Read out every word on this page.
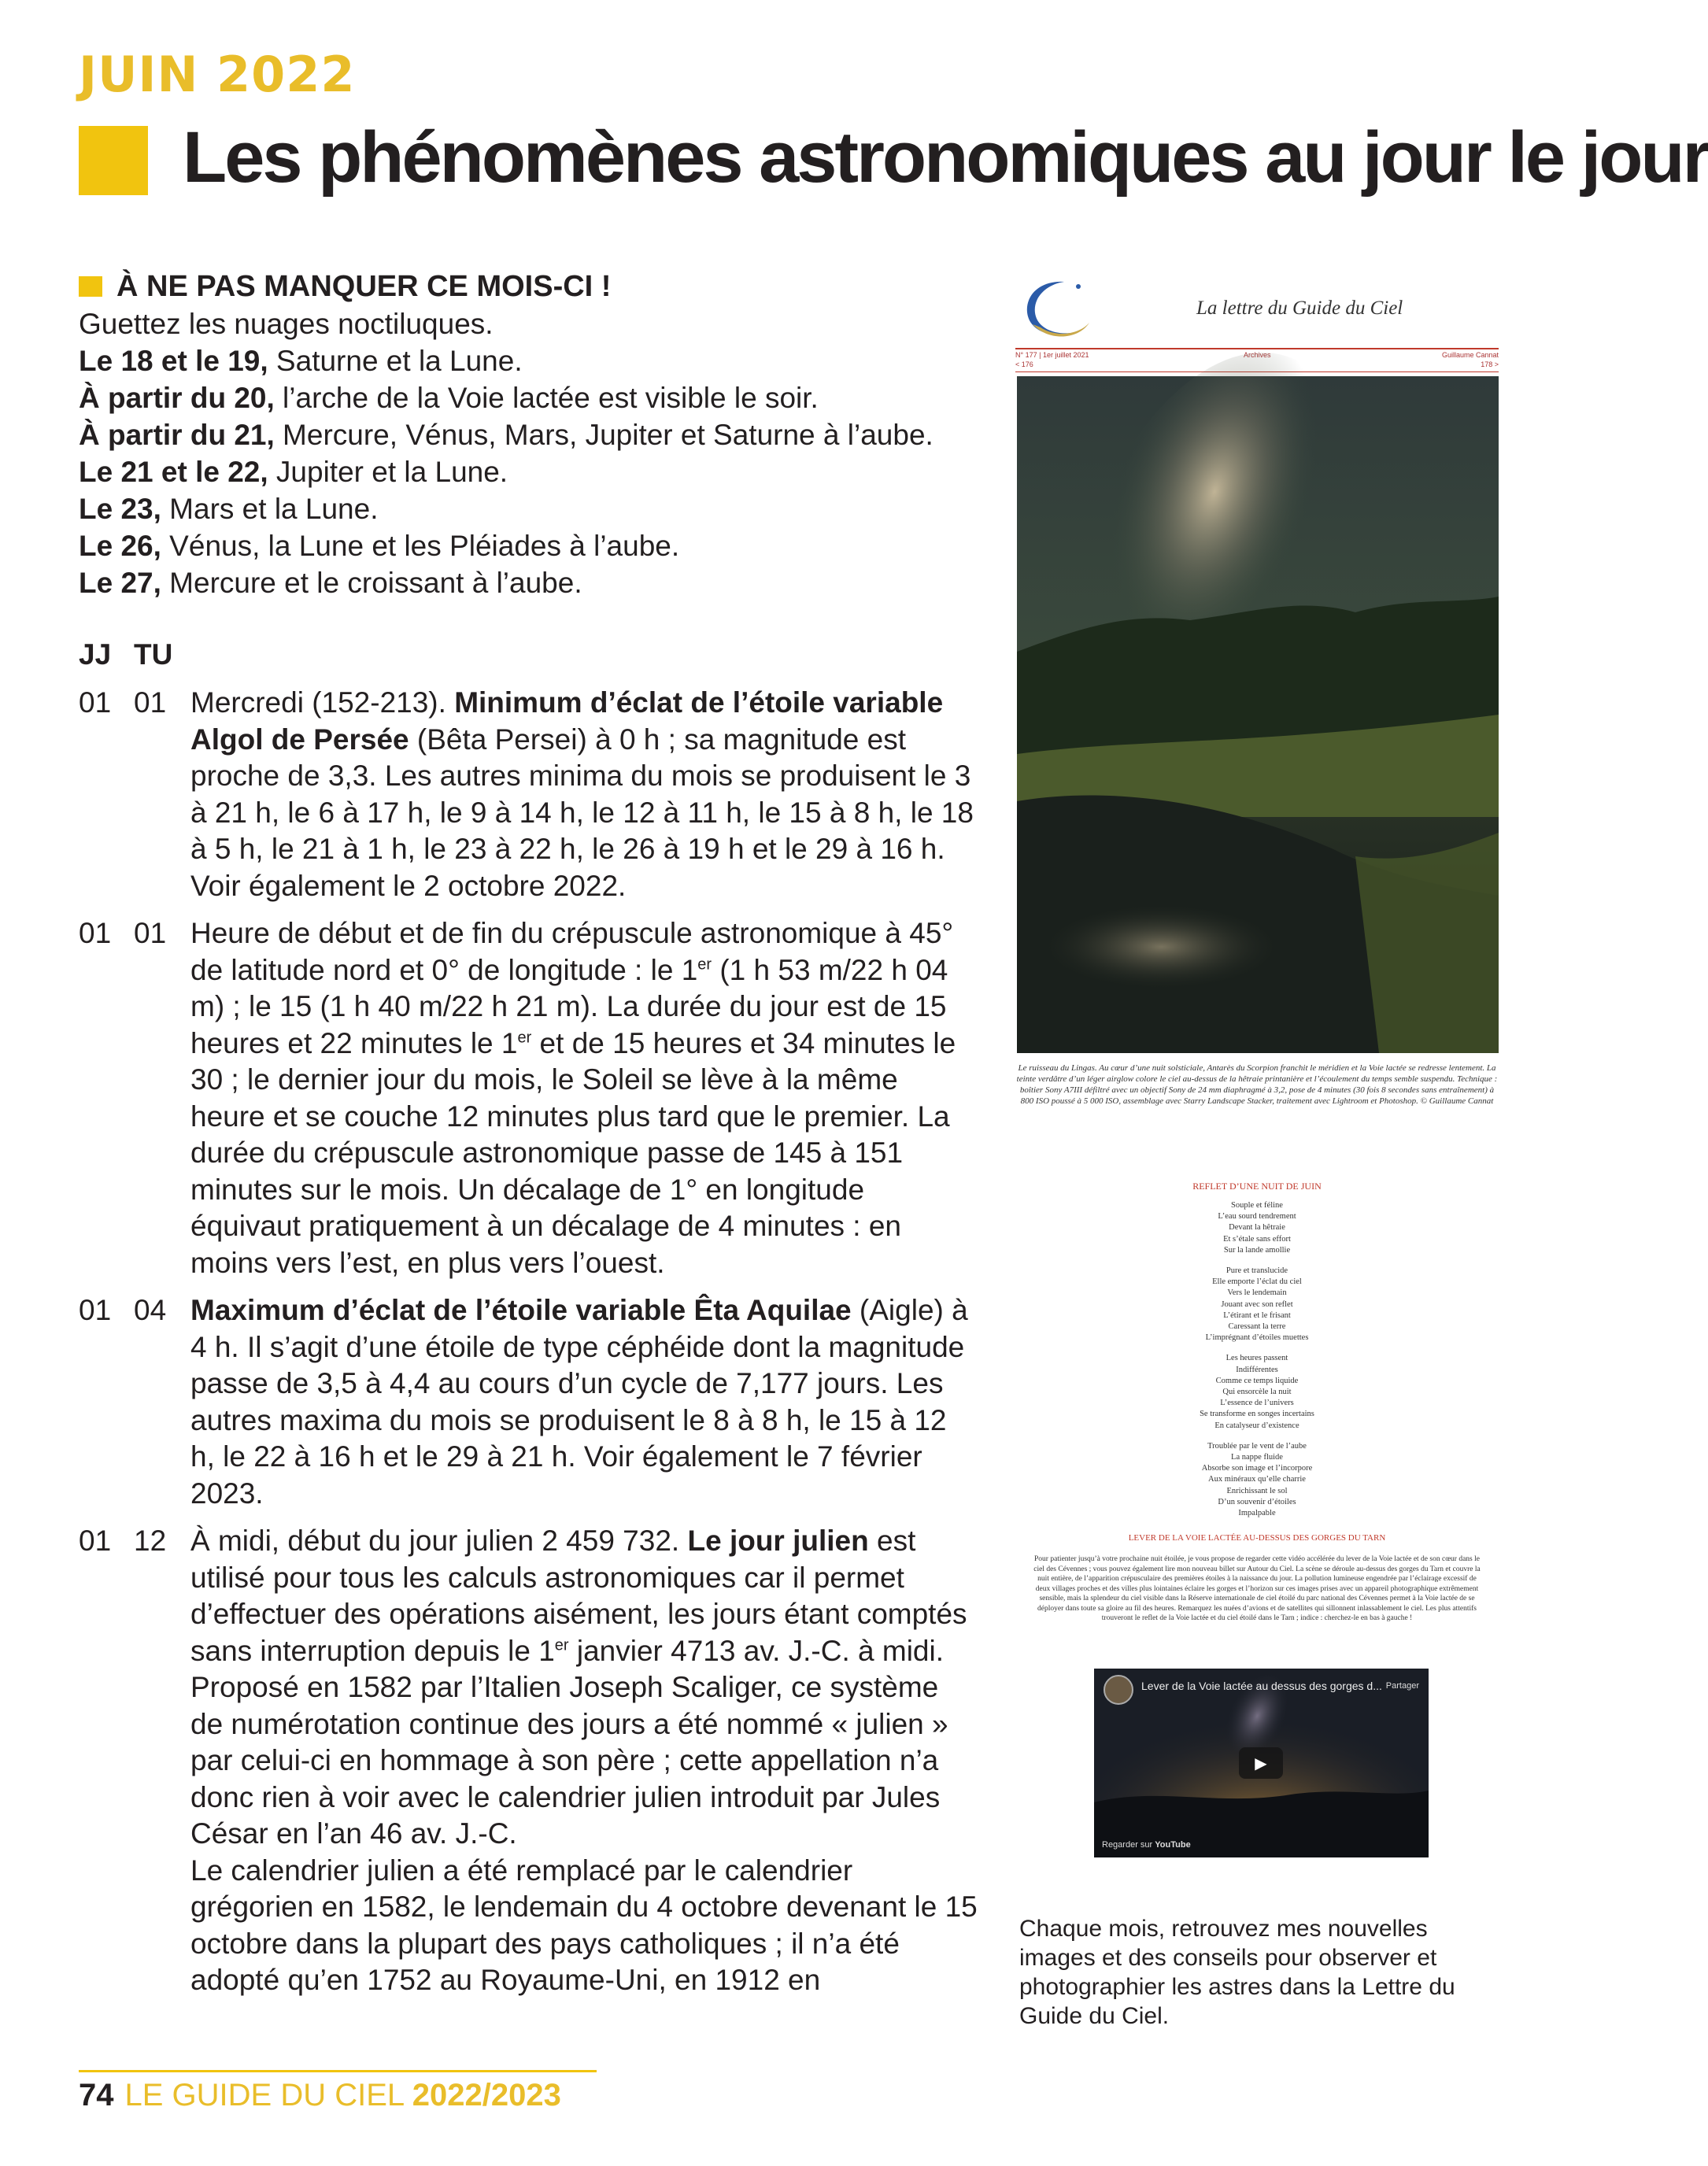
JUIN 2022
Les phénomènes astronomiques au jour le jour
À NE PAS MANQUER CE MOIS-CI !
Guettez les nuages noctiluques.
Le 18 et le 19, Saturne et la Lune.
À partir du 20, l’arche de la Voie lactée est visible le soir.
À partir du 21, Mercure, Vénus, Mars, Jupiter et Saturne à l’aube.
Le 21 et le 22, Jupiter et la Lune.
Le 23, Mars et la Lune.
Le 26, Vénus, la Lune et les Pléiades à l’aube.
Le 27, Mercure et le croissant à l’aube.
JJ TU
01 01 Mercredi (152-213). Minimum d’éclat de l’étoile variable Algol de Persée (Bêta Persei) à 0 h ; sa magnitude est proche de 3,3. Les autres minima du mois se produisent le 3 à 21 h, le 6 à 17 h, le 9 à 14 h, le 12 à 11 h, le 15 à 8 h, le 18 à 5 h, le 21 à 1 h, le 23 à 22 h, le 26 à 19 h et le 29 à 16 h. Voir également le 2 octobre 2022.
01 01 Heure de début et de fin du crépuscule astronomique à 45° de latitude nord et 0° de longitude : le 1er (1 h 53 m/22 h 04 m) ; le 15 (1 h 40 m/22 h 21 m). La durée du jour est de 15 heures et 22 minutes le 1er et de 15 heures et 34 minutes le 30 ; le dernier jour du mois, le Soleil se lève à la même heure et se couche 12 minutes plus tard que le premier. La durée du crépuscule astronomique passe de 145 à 151 minutes sur le mois. Un décalage de 1° en longitude équivaut pratiquement à un décalage de 4 minutes : en moins vers l’est, en plus vers l’ouest.
01 04 Maximum d’éclat de l’étoile variable Êta Aquilae (Aigle) à 4 h. Il s’agit d’une étoile de type céphéide dont la magnitude passe de 3,5 à 4,4 au cours d’un cycle de 7,177 jours. Les autres maxima du mois se produisent le 8 à 8 h, le 15 à 12 h, le 22 à 16 h et le 29 à 21 h. Voir également le 7 février 2023.
01 12 À midi, début du jour julien 2 459 732. Le jour julien est utilisé pour tous les calculs astronomiques car il permet d’effectuer des opérations aisément, les jours étant comptés sans interruption depuis le 1er janvier 4713 av. J.-C. à midi. Proposé en 1582 par l’Italien Joseph Scaliger, ce système de numérotation continue des jours a été nommé « julien » par celui-ci en hommage à son père ; cette appellation n’a donc rien à voir avec le calendrier julien introduit par Jules César en l’an 46 av. J.-C.
Le calendrier julien a été remplacé par le calendrier grégorien en 1582, le lendemain du 4 octobre devenant le 15 octobre dans la plupart des pays catholiques ; il n’a été adopté qu’en 1752 au Royaume-Uni, en 1912 en
La lettre du Guide du Ciel
N° 177 | 1er juillet 2021	Guillaume Cannat
< 176	178 >
Le ruisseau du Lingas. Au cœur d’une nuit solsticiale, Antarès du Scorpion franchit le méridien et la Voie lactée se redresse lentement. La teinte verdâtre d’un léger airglow colore le ciel au-dessus de la hêtraie printanière et l’écoulement du temps semble suspendu. Technique : boîtier Sony A7III défiltré avec un objectif Sony de 24 mm diaphragmé à 3,2, pose de 4 minutes (30 fois 8 secondes sans entraînement) à 800 ISO poussé à 5 000 ISO, assemblage avec Starry Landscape Stacker, traitement avec Lightroom et Photoshop. © Guillaume Cannat
REFLET D’UNE NUIT DE JUIN
Souple et féline
L’eau sourd tendrement
Devant la hêtraie
Et s’étale sans effort
Sur la lande amollie
Pure et translucide
Elle emporte l’éclat du ciel
Vers le lendemain
Jouant avec son reflet
L’étirant et le frisant
Caressant la terre
L’imprégnant d’étoiles muettes
Les heures passent
Indifférentes
Comme ce temps liquide
Qui ensorcèle la nuit
L’essence de l’univers
Se transforme en songes incertains
En catalyseur d’existence
Troublée par le vent de l’aube
La nappe fluide
Absorbe son image et l’incorpore
Aux minéraux qu’elle charrie
Enrichissant le sol
D’un souvenir d’étoiles
Impalpable
LEVER DE LA VOIE LACTÉE AU-DESSUS DES GORGES DU TARN
Pour patienter jusqu’à votre prochaine nuit étoilée, je vous propose de regarder cette vidéo accélérée du lever de la Voie lactée et de son cœur dans le ciel des Cévennes ; vous pouvez également lire mon nouveau billet sur Autour du Ciel. La scène se déroule au-dessus des gorges du Tarn et couvre la nuit entière, de l’apparition crépusculaire des premières étoiles à la naissance du jour. La pollution lumineuse engendrée par l’éclairage excessif de deux villages proches et des villes plus lointaines éclaire les gorges et l’horizon sur ces images prises avec un appareil photographique extrêmement sensible, mais la splendeur du ciel visible dans la Réserve internationale de ciel étoilé du parc national des Cévennes permet à la Voie lactée de se déployer dans toute sa gloire au fil des heures. Remarquez les nuées d’avions et de satellites qui sillonnent inlassablement le ciel. Les plus attentifs trouveront le reflet de la Voie lactée et du ciel étoilé dans le Tarn ; indice : cherchez-le en bas à gauche !
Lever de la Voie lactée au dessus des gorges d... Partager
▶
Regarder sur YouTube
Chaque mois, retrouvez mes nouvelles images et des conseils pour observer et photographier les astres dans la Lettre du Guide du Ciel.
74 LE GUIDE DU CIEL 2022/2023
